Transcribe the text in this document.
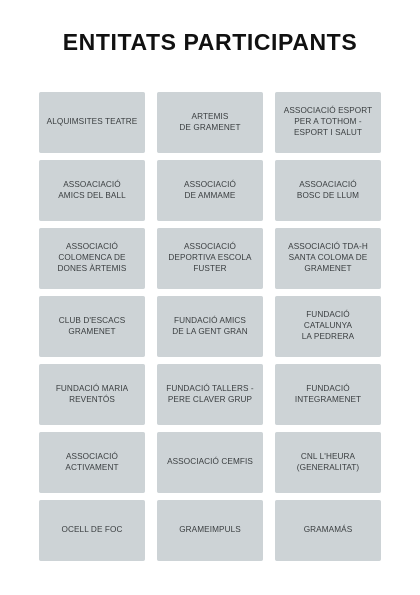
ENTITATS PARTICIPANTS
ALQUIMSITES TEATRE
ARTEMIS
DE GRAMENET
ASSOCIACIÓ ESPORT
PER A TOTHOM -
ESPORT I SALUT
ASSOACIACIÓ
AMICS DEL BALL
ASSOCIACIÓ
DE AMMAME
ASSOACIACIÓ
BOSC DE LLUM
ASSOCIACIÓ
COLOMENCA DE
DONES ÀRTEMIS
ASSOCIACIÓ
DEPORTIVA ESCOLA
FUSTER
ASSOCIACIÓ TDA-H
SANTA COLOMA DE
GRAMENET
CLUB D'ESCACS
GRAMENET
FUNDACIÓ AMICS
DE LA GENT GRAN
FUNDACIÓ
CATALUNYA
LA PEDRERA
FUNDACIÓ MARIA
REVENTÓS
FUNDACIÓ TALLERS -
PERE CLAVER GRUP
FUNDACIÓ
INTEGRAMENET
ASSOCIACIÓ
ACTIVAMENT
ASSOCIACIÓ CEMFIS
CNL L'HEURA
(GENERALITAT)
OCELL DE FOC	GRAMEIMPULS	GRAMAMÁS
